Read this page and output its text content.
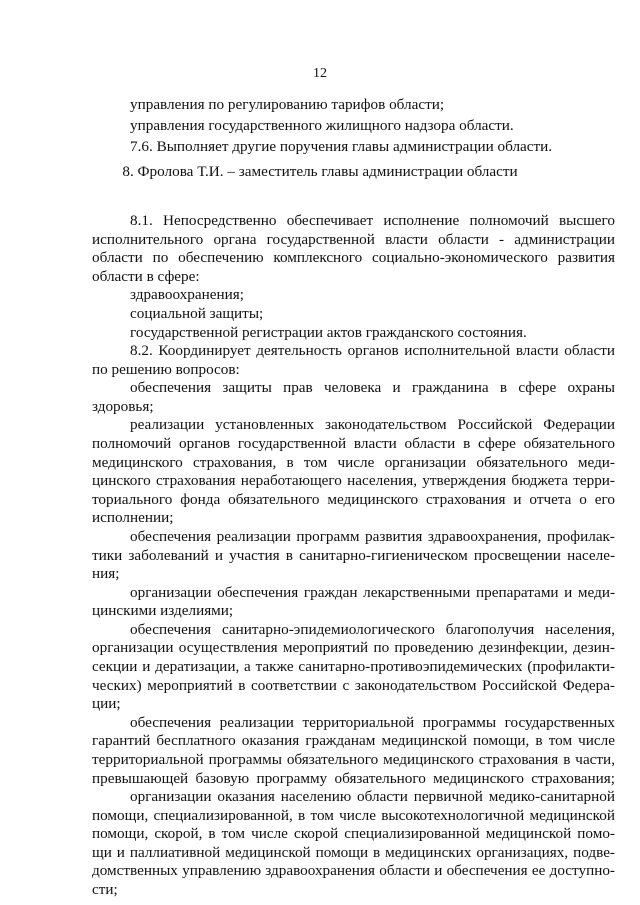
12
8. Фролова Т.И. – заместитель главы администрации области
управления по регулированию тарифов области;
управления государственного жилищного надзора области.
7.6. Выполняет другие поручения главы администрации области.
8.1. Непосредственно обеспечивает исполнение полномочий высшего
исполнительного органа государственной власти области - администрации
области по обеспечению комплексного социально-экономического развития
области в сфере:
здравоохранения;
социальной защиты;
государственной регистрации актов гражданского состояния.
8.2. Координирует деятельность органов исполнительной власти области
по решению вопросов:
обеспечения защиты прав человека и гражданина в сфере охраны
здоровья;
реализации установленных законодательством Российской Федерации
полномочий органов государственной власти области в сфере обязательного
медицинского страхования, в том числе организации обязательного меди-
цинского страхования неработающего населения, утверждения бюджета терри-
ториального фонда обязательного медицинского страхования и отчета о его
исполнении;
обеспечения реализации программ развития здравоохранения, профилак-
тики заболеваний и участия в санитарно-гигиеническом просвещении населе-
ния;
организации обеспечения граждан лекарственными препаратами и меди-
цинскими изделиями;
обеспечения санитарно-эпидемиологического благополучия населения,
организации осуществления мероприятий по проведению дезинфекции, дезин-
секции и дератизации, а также санитарно-противоэпидемических (профилакти-
ческих) мероприятий в соответствии с законодательством Российской Федера-
ции;
обеспечения реализации территориальной программы государственных
гарантий бесплатного оказания гражданам медицинской помощи, в том числе
территориальной программы обязательного медицинского страхования в части,
превышающей базовую программу обязательного медицинского страхования;
организации оказания населению области первичной медико-санитарной
помощи, специализированной, в том числе высокотехнологичной медицинской
помощи, скорой, в том числе скорой специализированной медицинской помо-
щи и паллиативной медицинской помощи в медицинских организациях, подве-
домственных управлению здравоохранения области и обеспечения ее доступно-
сти;
